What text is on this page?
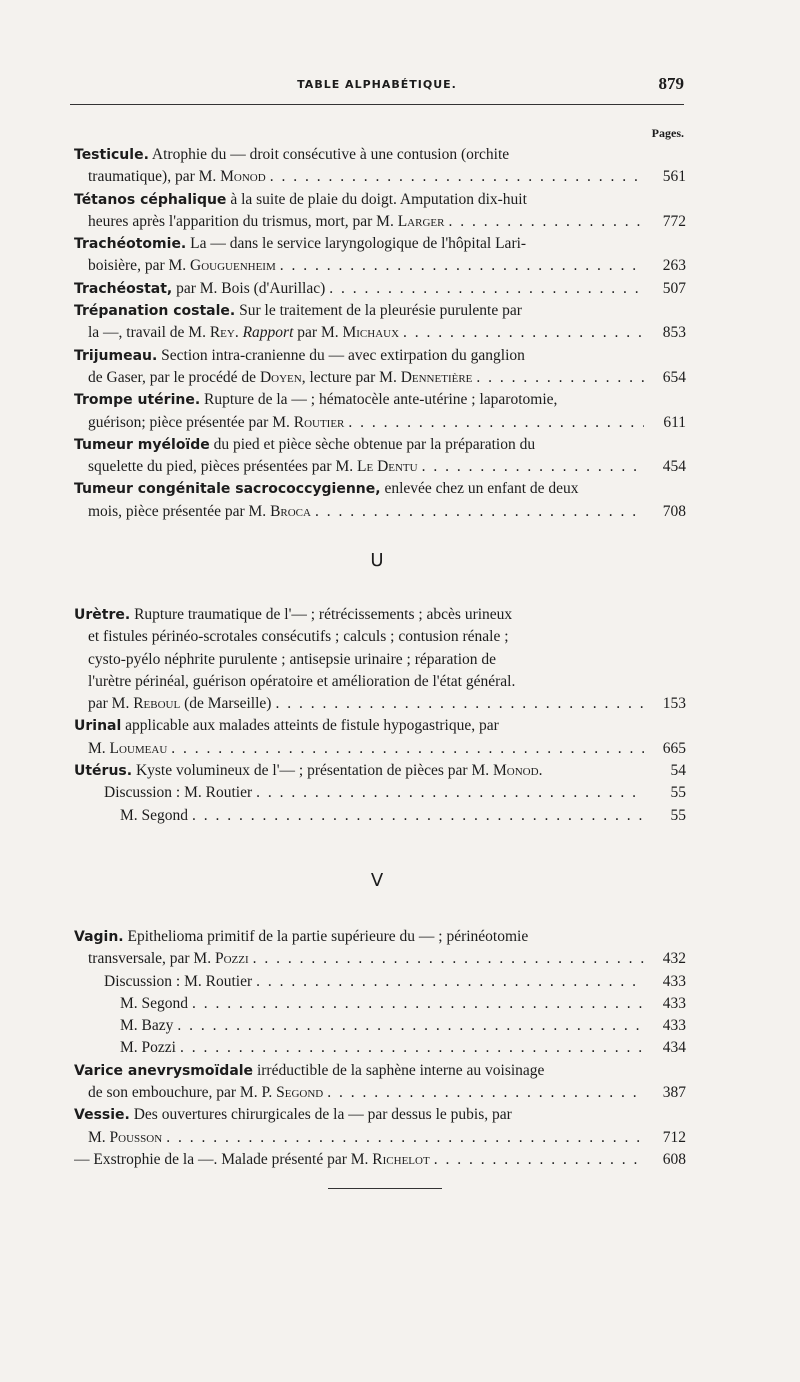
TABLE ALPHABÉTIQUE.	879
Pages.
Testicule. Atrophie du — droit consécutive à une contusion (orchite
traumatique), par M. Monod . . .	561
Tétanos céphalique à la suite de plaie du doigt. Amputation dix-huit
heures après l'apparition du trismus, mort, par M. Larger . . .	772
Trachéotomie. La — dans le service laryngologique de l'hôpital Lari-
boisière, par M. Gouguenheim . . .	263
Trachéostat, par M. Bois (d'Aurillac) . . .	507
Trépanation costale. Sur le traitement de la pleurésie purulente par
la —, travail de M. Rey. Rapport par M. Michaux . . .	853
Trijumeau. Section intra-cranienne du — avec extirpation du ganglion
de Gaser, par le procédé de Doyen, lecture par M. Dennetière . . .	654
Trompe utérine. Rupture de la — ; hématocèle ante-utérine ; laparotomie,
guérison; pièce présentée par M. Routier . . .	611
Tumeur myéloïde du pied et pièce sèche obtenue par la préparation du
squelette du pied, pièces présentées par M. Le Dentu . . .	454
Tumeur congénitale sacrococcygienne, enlevée chez un enfant de deux
mois, pièce présentée par M. Broca . . .	708
U
Urètre. Rupture traumatique de l'— ; rétrécissements ; abcès urineux
et fistules périnéo-scrotales consécutifs ; calculs ; contusion rénale ;
cysto-pyélo néphrite purulente ; antisepsie urinaire ; réparation de
l'urètre périnéal, guérison opératoire et amélioration de l'état général.
par M. Reboul (de Marseille) . . .	153
Urinal applicable aux malades atteints de fistule hypogastrique, par
M. Loumeau . . .	665
Utérus. Kyste volumineux de l'— ; présentation de pièces par M. Monod.	54
Discussion : M. Routier . . .	55
M. Segond . . .	55
V
Vagin. Epithelioma primitif de la partie supérieure du — ; périnéotomie
transversale, par M. Pozzi . . .	432
Discussion : M. Routier . . .	433
M. Segond . . .	433
M. Bazy . . .	433
M. Pozzi . . .	434
Varice anevrysmoïdale irréductible de la saphène interne au voisinage
de son embouchure, par M. P. Segond . . .	387
Vessie. Des ouvertures chirurgicales de la — par dessus le pubis, par
M. Pousson . . .	712
— Exstrophie de la —. Malade présenté par M. Richelot . . .	608
